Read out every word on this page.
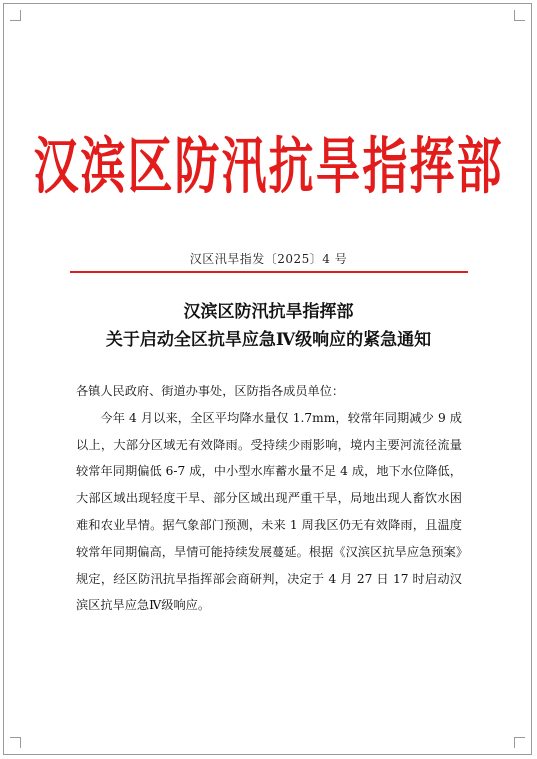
汉滨区防汛抗旱指挥部
汉区汛旱指发〔2025〕4 号
汉滨区防汛抗旱指挥部
关于启动全区抗旱应急Ⅳ级响应的紧急通知

各镇人民政府、街道办事处，区防指各成员单位：

今年 4 月以来，全区平均降水量仅 1.7mm，较常年同期减少 9 成以上，大部分区域无有效降雨。受持续少雨影响，境内主要河流径流量较常年同期偏低 6-7 成，中小型水库蓄水量不足 4 成，地下水位降低，大部区域出现轻度干旱、部分区域出现严重干旱，局地出现人畜饮水困难和农业旱情。据气象部门预测，未来 1 周我区仍无有效降雨，且温度较常年同期偏高，旱情可能持续发展蔓延。根据《汉滨区抗旱应急预案》规定，经区防汛抗旱指挥部会商研判，决定于 4 月 27 日 17 时启动汉滨区抗旱应急Ⅳ级响应。
